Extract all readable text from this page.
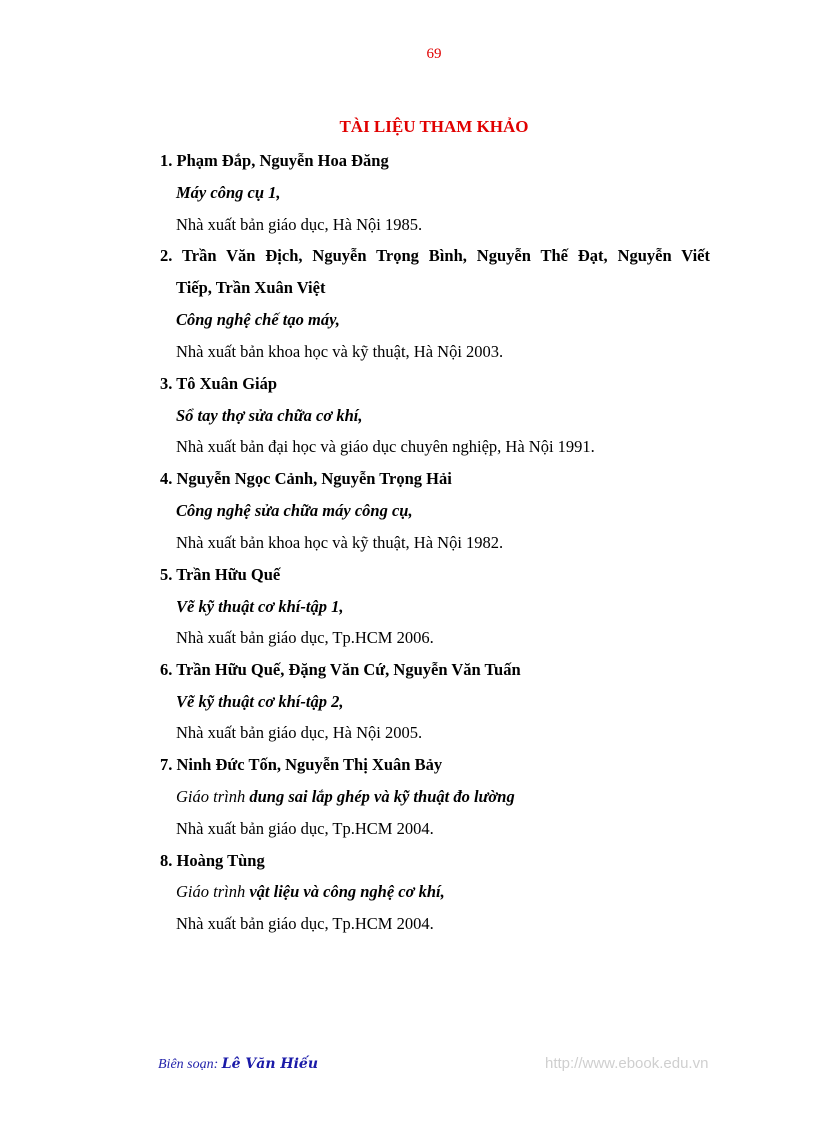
69
TÀI LIỆU THAM KHẢO
1. Phạm Đắp, Nguyễn Hoa Đăng
Máy công cụ 1,
Nhà xuất bản giáo dục, Hà Nội 1985.
2. Trần Văn Địch, Nguyễn Trọng Bình, Nguyễn Thế Đạt, Nguyễn Viết
Tiếp, Trần Xuân Việt
Công nghệ chế tạo máy,
Nhà xuất bản khoa học và kỹ thuật, Hà Nội 2003.
3. Tô Xuân Giáp
Sổ tay thợ sửa chữa cơ khí,
Nhà xuất bản đại học và giáo dục chuyên nghiệp, Hà Nội 1991.
4. Nguyễn Ngọc Cảnh, Nguyễn Trọng Hải
Công nghệ sửa chữa máy công cụ,
Nhà xuất bản khoa học và kỹ thuật, Hà Nội 1982.
5. Trần Hữu Quế
Vẽ kỹ thuật cơ khí-tập 1,
Nhà xuất bản giáo dục, Tp.HCM 2006.
6. Trần Hữu Quế, Đặng Văn Cứ, Nguyễn Văn Tuấn
Vẽ kỹ thuật cơ khí-tập 2,
Nhà xuất bản giáo dục, Hà Nội 2005.
7. Ninh Đức Tốn, Nguyễn Thị Xuân Bảy
Giáo trình dung sai lắp ghép và kỹ thuật đo lường
Nhà xuất bản giáo dục, Tp.HCM 2004.
8. Hoàng Tùng
Giáo trình vật liệu và công nghệ cơ khí,
Nhà xuất bản giáo dục, Tp.HCM 2004.
Biên soạn: Lê Văn Hiếu	http://www.ebook.edu.vn
